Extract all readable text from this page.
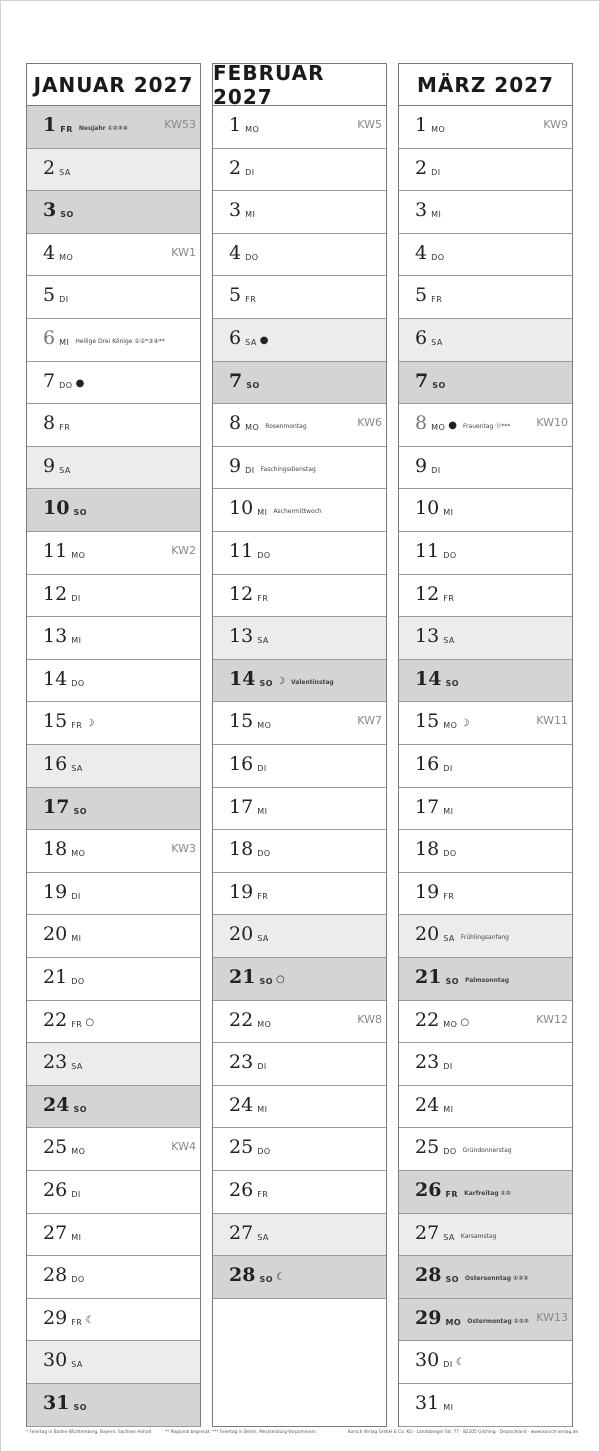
JANUAR 2027
1 FR Neujahr ①②③④	KW53
2 SA
3 SO
4 MO	KW1
5 DI
6 MI Heilige Drei Könige ①②*③④**
7 DO ●
8 FR
9 SA
10 SO
11 MO	KW2
12 DI
13 MI
14 DO
15 FR ☽
16 SA
17 SO
18 MO	KW3
19 DI
20 MI
21 DO
22 FR ○
23 SA
24 SO
25 MO	KW4
26 DI
27 MI
28 DO
29 FR ☾
30 SA
31 SO
FEBRUAR 2027
1 MO	KW5
2 DI
3 MI
4 DO
5 FR
6 SA ●
7 SO
8 MO Rosenmontag	KW6
9 DI Faschingsdienstag
10 MI Aschermittwoch
11 DO
12 FR
13 SA
14 SO ☽ Valentinstag
15 MO	KW7
16 DI
17 MI
18 DO
19 FR
20 SA
21 SO ○
22 MO	KW8
23 DI
24 MI
25 DO
26 FR
27 SA
28 SO ☾
MÄRZ 2027
1 MO	KW9
2 DI
3 MI
4 DO
5 FR
6 SA
7 SO
8 MO ● Frauentag ⑪*** KW10
9 DI
10 MI
11 DO
12 FR
13 SA
14 SO
15 MO ☽	KW11
16 DI
17 MI
18 DO
19 FR
20 SA Frühlingsanfang
21 SO Palmsonntag
22 MO ○	KW12
23 DI
24 MI
25 DO Gründonnerstag
26 FR Karfreitag ①②
27 SA Karsamstag
28 SO Ostersonntag ①②③
29 MO Ostermontag ①②③ KW13
30 DI ☾
31 MI
* Feiertag in Baden-Württemberg, Bayern, Sachsen-Anhalt	** Regional begrenzt *** Feiertag in Berlin, Mecklenburg-Vorpommern	Korsch Verlag GmbH & Co. KG · Landsberger Str. 77 · 82205 Gilching · Deutschland · www.korsch-verlag.de
